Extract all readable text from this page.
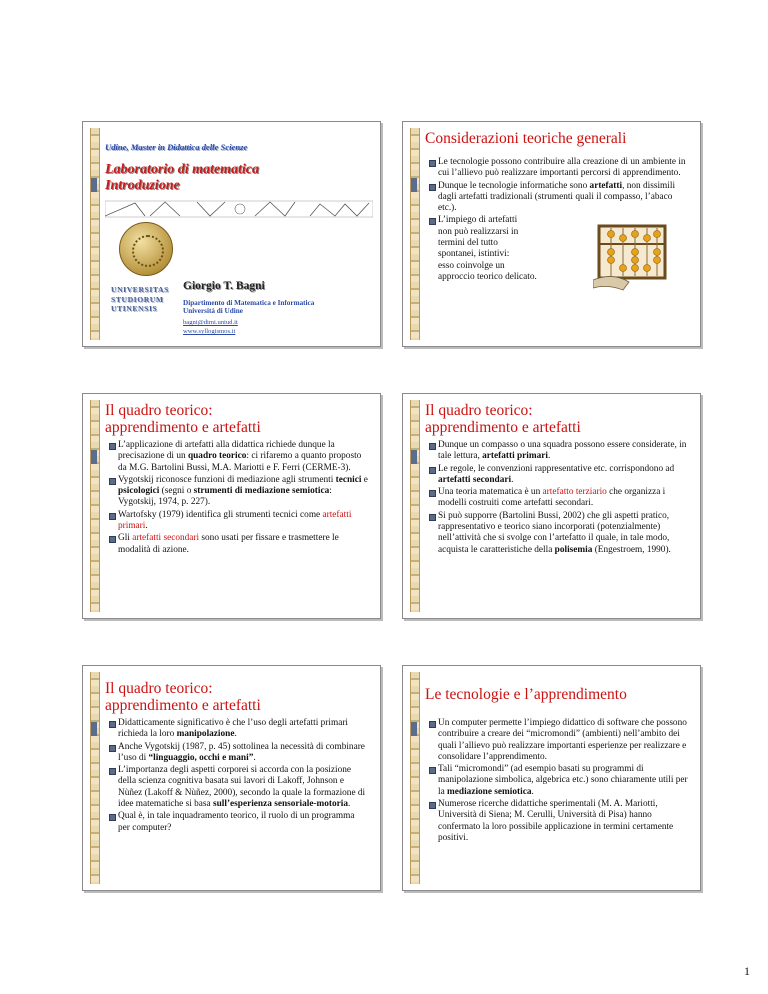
Udine, Master in Didattica delle Scienze
Laboratorio di matematica
Introduzione
UNIVERSITAS
STUDIORUM
UTINENSIS
Giorgio T. Bagni
Dipartimento di Matematica e Informatica
Università di Udine
bagni@dimi.uniud.it
www.syllogismos.it
Considerazioni teoriche generali
Le tecnologie possono contribuire alla creazione di un ambiente in cui l’allievo può realizzare importanti percorsi di apprendimento.
Dunque le tecnologie informatiche sono artefatti, non dissimili dagli artefatti tradizionali (strumenti quali il compasso, l’abaco etc.).
L’impiego di artefatti
non può realizzarsi in
termini del tutto
spontanei, istintivi:
esso coinvolge un
approccio teorico delicato.
Il quadro teorico:
apprendimento e artefatti
L’applicazione di artefatti alla didattica richiede dunque la precisazione di un quadro teorico: ci rifaremo a quanto proposto da M.G. Bartolini Bussi, M.A. Mariotti e F. Ferri (CERME-3).
Vygotskij riconosce funzioni di mediazione agli strumenti tecnici e psicologici (segni o strumenti di mediazione semiotica: Vygotskij, 1974, p. 227).
Wartofsky (1979) identifica gli strumenti tecnici come artefatti primari.
Gli artefatti secondari sono usati per fissare e trasmettere le modalità di azione.
Il quadro teorico:
apprendimento e artefatti
Dunque un compasso o una squadra possono essere considerate, in tale lettura, artefatti primari.
Le regole, le convenzioni rappresentative etc. corrispondono ad artefatti secondari.
Una teoria matematica è un artefatto terziario che organizza i modelli costruiti come artefatti secondari.
Si può supporre (Bartolini Bussi, 2002) che gli aspetti pratico, rappresentativo e teorico siano incorporati (potenzialmente) nell’attività che si svolge con l’artefatto il quale, in tale modo, acquista le caratteristiche della polisemia (Engestroem, 1990).
Il quadro teorico:
apprendimento e artefatti
Didatticamente significativo è che l’uso degli artefatti primari richieda la loro manipolazione.
Anche Vygotskij (1987, p. 45) sottolinea la necessità di combinare l’uso di “linguaggio, occhi e mani”.
L’importanza degli aspetti corporei si accorda con la posizione della scienza cognitiva basata sui lavori di Lakoff, Johnson e Nùñez (Lakoff & Nùñez, 2000), secondo la quale la formazione di idee matematiche si basa sull’esperienza sensoriale-motoria.
Qual è, in tale inquadramento teorico, il ruolo di un programma per computer?
Le tecnologie e l’apprendimento
Un computer permette l’impiego didattico di software che possono contribuire a creare dei “micromondi” (ambienti) nell’ambito dei quali l’allievo può realizzare importanti esperienze per realizzare e consolidare l’apprendimento.
Tali “micromondi” (ad esempio basati su programmi di manipolazione simbolica, algebrica etc.) sono chiaramente utili per la mediazione semiotica.
Numerose ricerche didattiche sperimentali (M. A. Mariotti, Università di Siena; M. Cerulli, Università di Pisa) hanno confermato la loro possibile applicazione in termini certamente positivi.
1
